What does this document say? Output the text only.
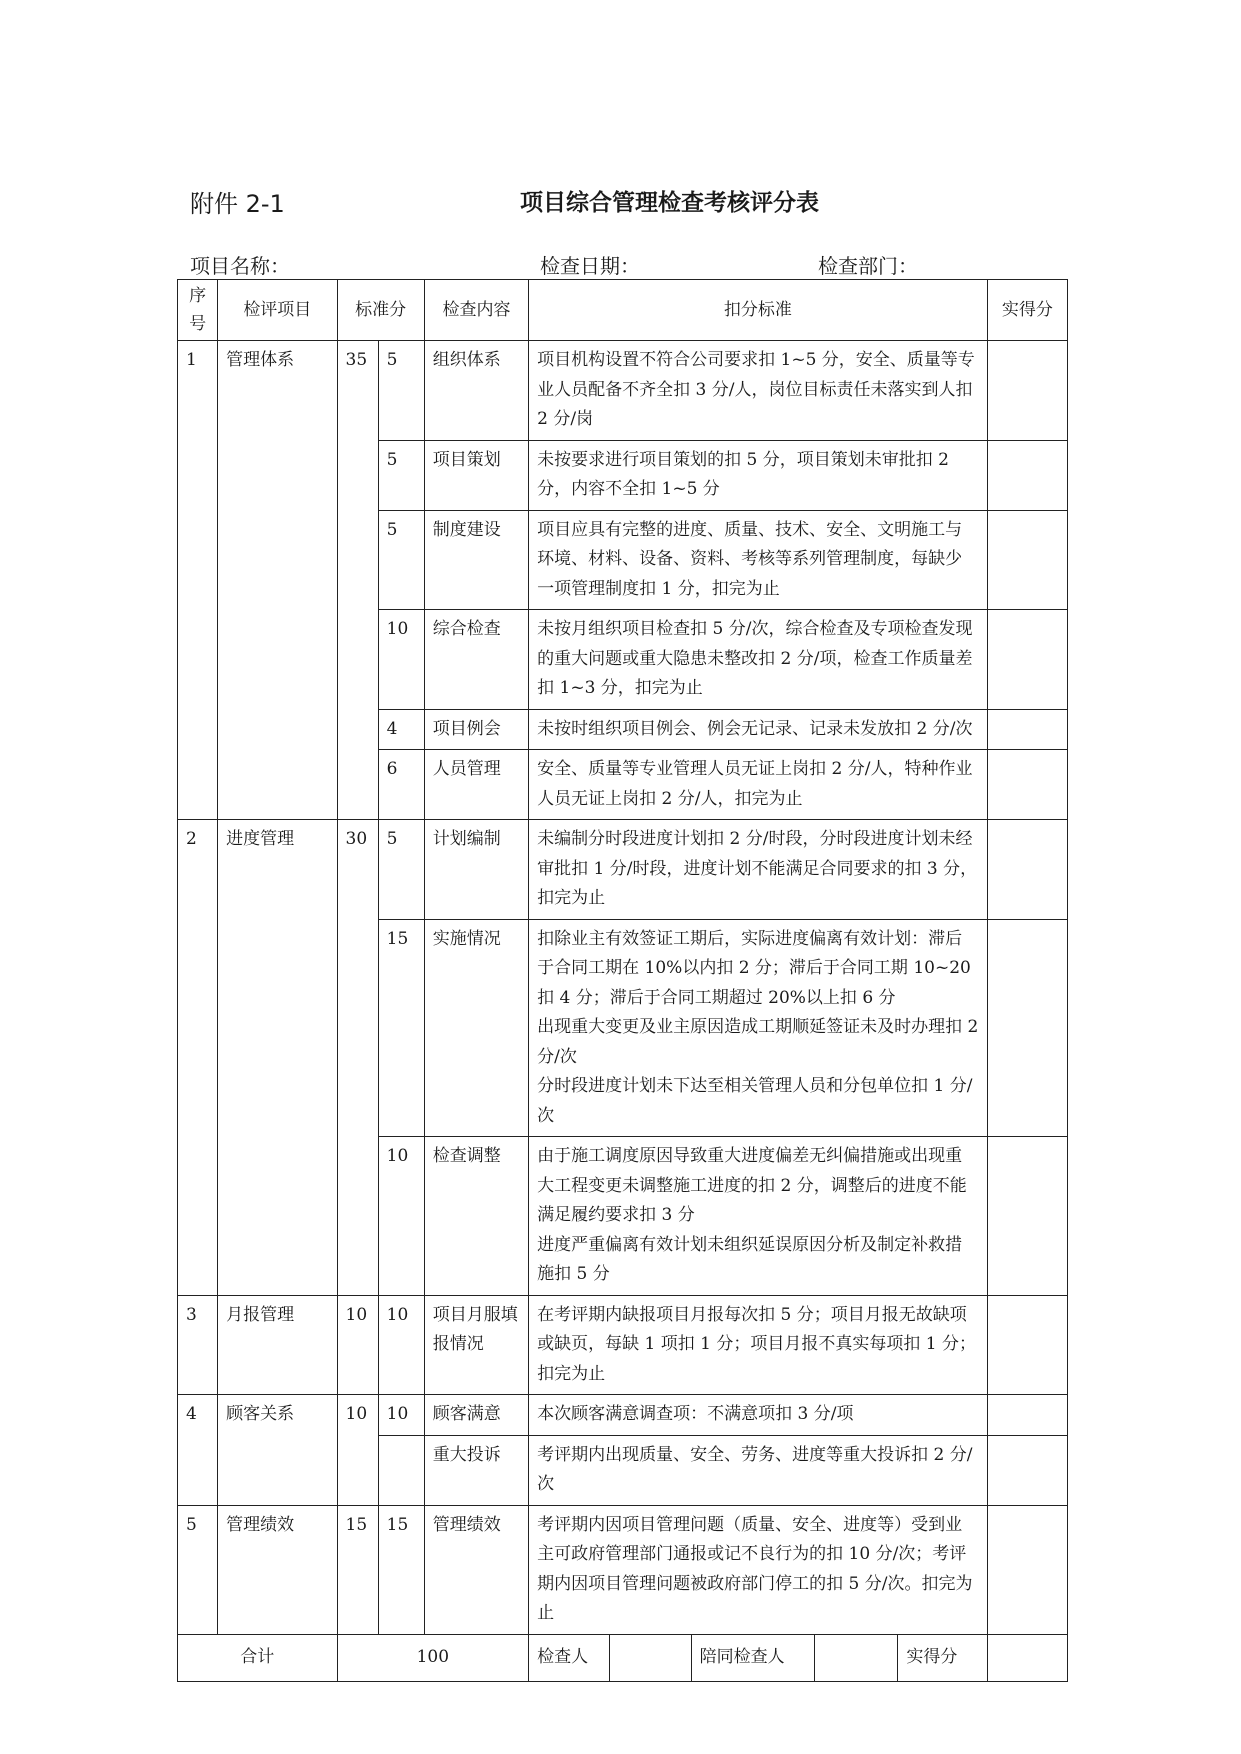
附件 2-1	项目综合管理检查考核评分表
项目名称：	检查日期：	检查部门：
序号	检评项目	标准分		检查内容	扣分标准					实得分
1	管理体系	35	5	组织体系	项目机构设置不符合公司要求扣 1~5 分，安全、质量等专业人员配备不齐全扣 3 分/人，岗位目标责任未落实到人扣 2 分/岗					
			5	项目策划	未按要求进行项目策划的扣 5 分，项目策划未审批扣 2 分，内容不全扣 1~5 分					
			5	制度建设	项目应具有完整的进度、质量、技术、安全、文明施工与环境、材料、设备、资料、考核等系列管理制度，每缺少一项管理制度扣 1 分，扣完为止					
			10	综合检查	未按月组织项目检查扣 5 分/次，综合检查及专项检查发现的重大问题或重大隐患未整改扣 2 分/项，检查工作质量差扣 1~3 分，扣完为止					
			4	项目例会	未按时组织项目例会、例会无记录、记录未发放扣 2 分/次					
			6	人员管理	安全、质量等专业管理人员无证上岗扣 2 分/人，特种作业人员无证上岗扣 2 分/人，扣完为止					
2	进度管理	30	5	计划编制	未编制分时段进度计划扣 2 分/时段，分时段进度计划未经审批扣 1 分/时段，进度计划不能满足合同要求的扣 3 分，扣完为止					
			15	实施情况	扣除业主有效签证工期后，实际进度偏离有效计划：滞后于合同工期在 10%以内扣 2 分；滞后于合同工期 10~20 扣 4 分；滞后于合同工期超过 20%以上扣 6 分
出现重大变更及业主原因造成工期顺延签证未及时办理扣 2 分/次
分时段进度计划未下达至相关管理人员和分包单位扣 1 分/次					
			10	检查调整	由于施工调度原因导致重大进度偏差无纠偏措施或出现重大工程变更未调整施工进度的扣 2 分，调整后的进度不能满足履约要求扣 3 分
进度严重偏离有效计划未组织延误原因分析及制定补救措施扣 5 分					
3	月报管理	10	10	项目月服填报情况	在考评期内缺报项目月报每次扣 5 分；项目月报无故缺项或缺页，每缺 1 项扣 1 分；项目月报不真实每项扣 1 分；扣完为止					
4	顾客关系	10	10	顾客满意	本次顾客满意调查项：不满意项扣 3 分/项					
				重大投诉	考评期内出现质量、安全、劳务、进度等重大投诉扣 2 分/次					
5	管理绩效	15	15	管理绩效	考评期内因项目管理问题（质量、安全、进度等）受到业主可政府管理部门通报或记不良行为的扣 10 分/次；考评期内因项目管理问题被政府部门停工的扣 5 分/次。扣完为止					
合计		100			检查人		陪同检查人		实得分	
